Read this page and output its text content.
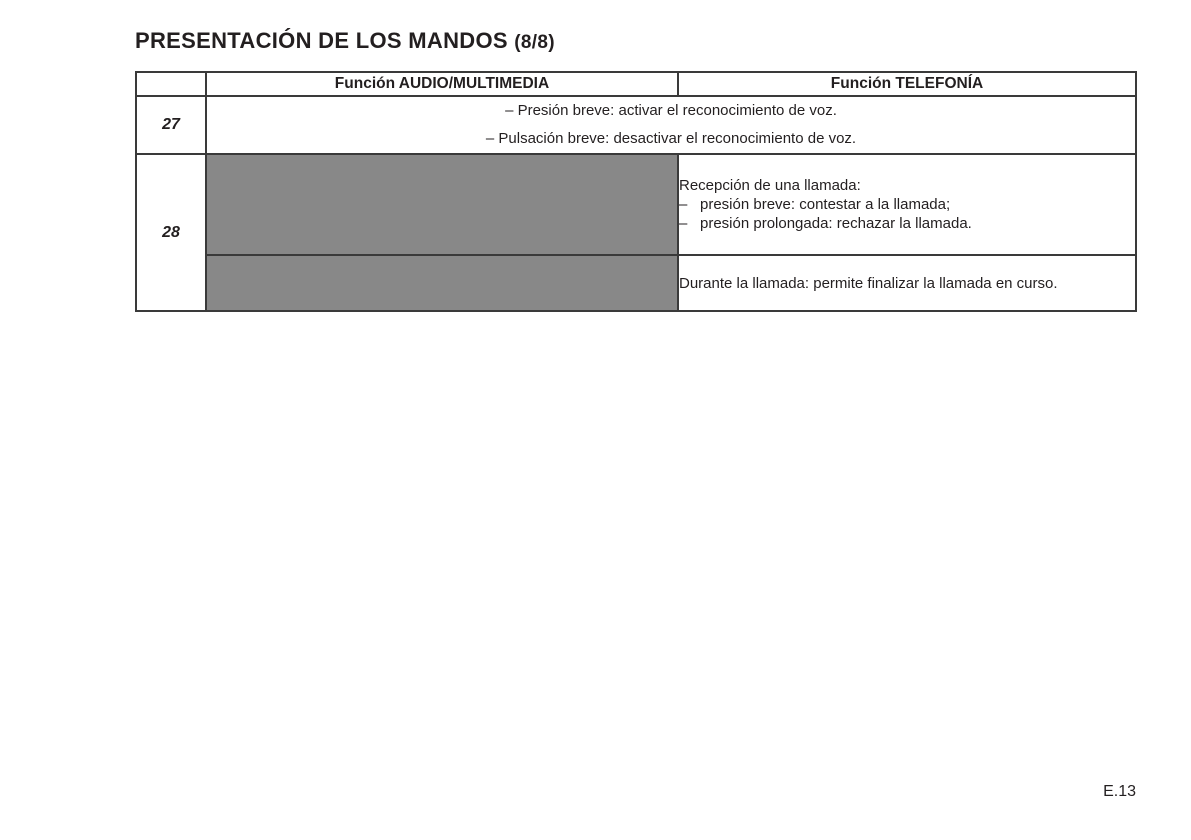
PRESENTACIÓN DE LOS MANDOS (8/8)
	Función AUDIO/MULTIMEDIA	Función TELEFONÍA
27	– Presión breve: activar el reconocimiento de voz.
– Pulsación breve: desactivar el reconocimiento de voz.	

28		Recepción de una llamada:
– presión breve: contestar a la llamada;
– presión prolongada: rechazar la llamada.

		Durante la llamada: permite finalizar la llamada en curso.
E.13
